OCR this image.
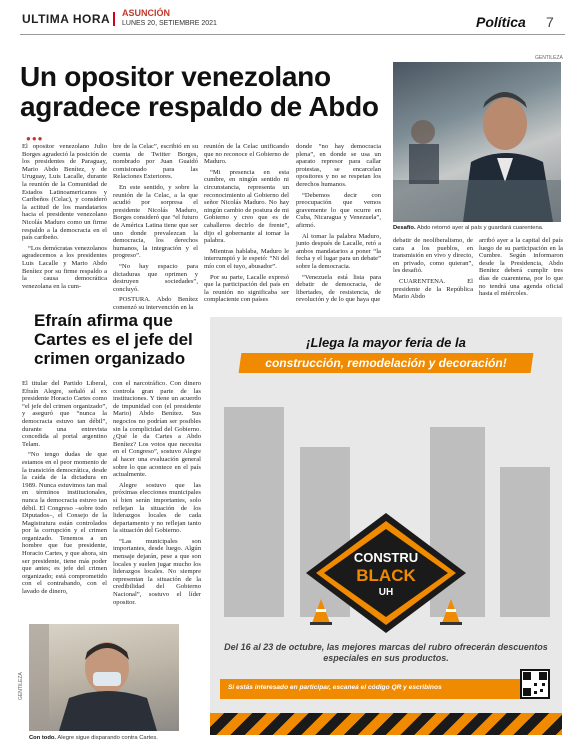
ULTIMA HORA ASUNCIÓN
LUNES 20, SETIEMBRE 2021	Política 7
Un opositor venezolano agradece respaldo de Abdo
●●●

El opositor venezolano Julio Borges agradeció la posición de los presidentes de Paraguay, Mario Abdo Benítez, y de Uruguay, Luis Lacalle, durante la reunión de la Comunidad de Estados Latinoamericanos y Caribeños (Celac), y consideró la actitud de los mandatarios hacia el presidente venezolano Nicolás Maduro como un firme respaldo a la democracia en el país caribeño.

“Los demócratas venezolanos agradecemos a los presidentes Luis Lacalle y Mario Abdo Benítez por su firme respaldo a la causa democrática venezolana en la cum-

bre de la Celac”, escribió en su cuenta de Twitter Borges, nombrado por Juan Guaidó comisionado para las Relaciones Exteriores.

En este sentido, y sobre la reunión de la Celac, a la que acudió por sorpresa el presidente Nicolás Maduro, Borges consideró que “el futuro de América Latina tiene que ser uno donde prevalezcan la democracia, los derechos humanos, la integración y el progreso”.

“No hay espacio para dictaduras que oprimen y destruyen sociedades”, concluyó.

POSTURA. Abdo Benítez comenzó su intervención en la

reunión de la Celac unificando que no reconoce el Gobierno de Maduro.

“Mi presencia en esta cumbre, en ningún sentido ni circunstancia, representa un reconocimiento al Gobierno del señor Nicolás Maduro. No hay ningún cambio de postura de mi Gobierno y creo que es de caballeros decirlo de frente”, dijo el gobernante al tomar la palabra.

Mientras hablaba, Maduro le interrumpió y le espetó: “Ni del mío con el tuyo, abusador”.

Por su parte, Lacalle expresó que la participación del país en la reunión no significaba ser complaciente con países

donde “no hay democracia plena”, en donde se usa un aparato represor para callar protestas, se encarcelan opositores y no se respetan los derechos humanos.

“Debemos decir con preocupación que vemos gravemente lo que ocurre en Cuba, Nicaragua y Venezuela”, afirmó.

Al tomar la palabra Maduro, junto después de Lacalle, retó a ambos mandatarios a poner “la fecha y el lugar para un debate” sobre la democracia.

“Venezuela está lista para debatir de democracia, de libertades, de resistencia, de revolución y de lo que haya que

GENTILEZA
Desafío. Abdo retornó ayer al país y guardará cuarentena.

debatir de neoliberalismo, de cara a los pueblos, en transmisión en vivo y directo, en privado, como quieran”, les desafió.

CUARENTENA. El presidente de la República Mario Abdo

arribó ayer a la capital del país luego de su participación en la Cumbre. Según informaron desde la Presidencia, Abdo Benítez deberá cumplir tres días de cuarentena, por lo que no tendrá una agenda oficial hasta el miércoles.

Efraín afirma que Cartes es el jefe del crimen organizado

El titular del Partido Liberal, Efraín Alegre, señaló al ex presidente Horacio Cartes como “el jefe del crimen organizado”, y aseguró que “nunca la democracia estuvo tan débil”, durante una entrevista concedida al portal argentino Telam.

“No tengo dudas de que estamos en el peor momento de la transición democrática, desde la caída de la dictadura en 1989. Nunca estuvimos tan mal en términos institucionales, nunca la democracia estuvo tan débil. El Congreso –sobre todo Diputados–, el Consejo de la Magistratura están controlados por la corrupción y el crimen organizado. Tenemos a un hombre que fue presidente, Horacio Cartes, y que ahora, sin ser presidente, tiene más poder que antes; es jefe del crimen organizado; está comprometido con el contrabando, con el lavado de dinero,

con el narcotráfico. Con dinero controla gran parte de las instituciones. Y tiene un acuerdo de impunidad con (el presidente Mario) Abdo Benítez. Sus negocios no podrían ser posibles sin la complicidad del Gobierno. ¿Qué le da Cartes a Abdo Benítez? Los votos que necesita en el Congreso”, sostuvo Alegre al hacer una evaluación general sobre lo que acontece en el país actualmente.

Alegre sostuvo que las próximas elecciones municipales sí bien serán importantes, solo reflejan la situación de los liderazgos locales de cada departamento y no reflejan tanto la situación del Gobierno.

“Las municipales son importantes, desde luego. Algún mensaje dejarán, pese a que son locales y suelen jugar mucho los liderazgos locales. No siempre representan la situación de la credibilidad del Gobierno Nacional”, sostuvo el líder opositor.

GENTILEZA
Con todo. Alegre sigue disparando contra Cartes.
¡Llega la mayor feria de la
construcción, remodelación y decoración!
CONSTRU
BLACK
UH
Del 16 al 23 de octubre, las mejores marcas del rubro ofrecerán descuentos especiales en sus productos.
Si estás interesado en participar, escaneá el código QR y escribinos
